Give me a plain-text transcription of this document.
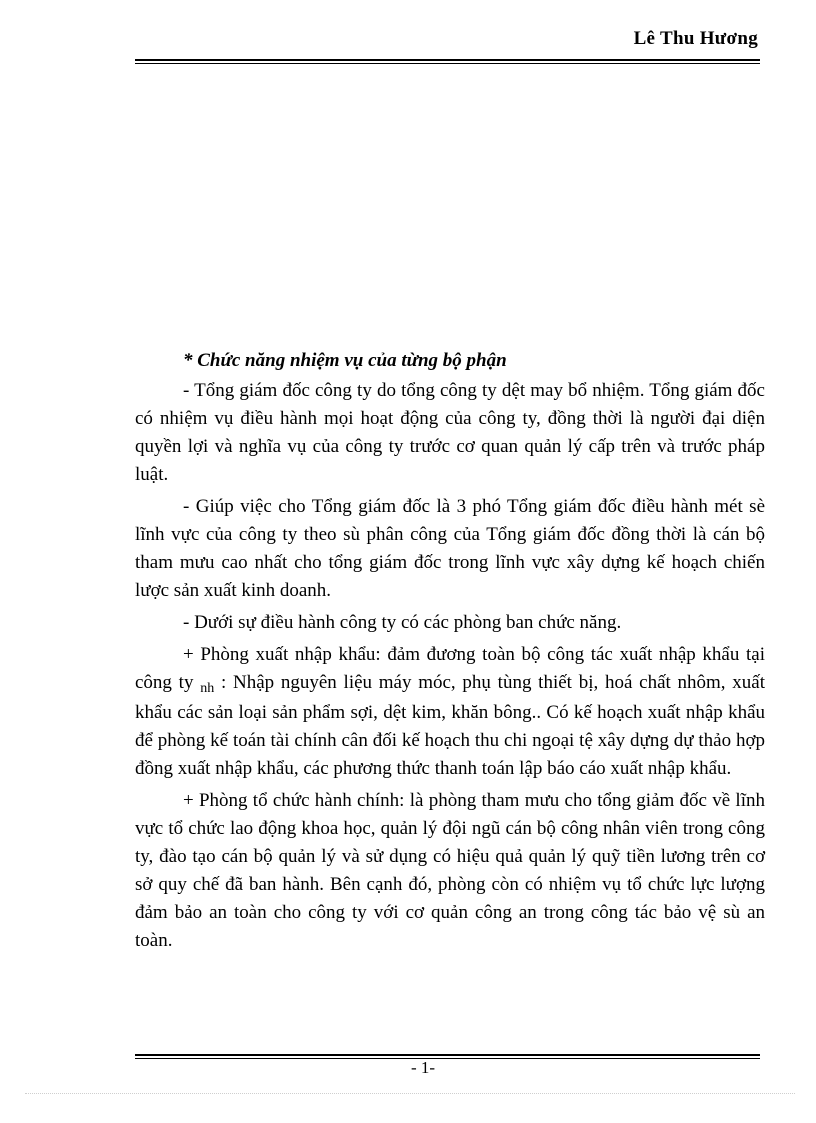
Lê Thu Hương
* Chức năng nhiệm vụ của từng bộ phận

- Tổng giám đốc công ty do tổng công ty dệt may bổ nhiệm. Tổng giám đốc có nhiệm vụ điều hành mọi hoạt động của công ty, đồng thời là người đại diện quyền lợi và nghĩa vụ của công ty trước cơ quan quản lý cấp trên và trước pháp luật.

- Giúp việc cho Tổng giám đốc là 3 phó Tổng giám đốc điều hành mét sè lĩnh vực của công ty theo sù phân công của Tổng giám đốc đồng thời là cán bộ tham mưu cao nhất cho tổng giám đốc trong lĩnh vực xây dựng kế hoạch chiến lược sản xuất kinh doanh.

- Dưới sự điều hành công ty có các phòng ban chức năng.

+ Phòng xuất nhập khẩu: đảm đương toàn bộ công tác xuất nhập khẩu tại công ty $_{nh}$ : Nhập nguyên liệu máy móc, phụ tùng thiết bị, hoá chất nhôm, xuất khẩu các sản loại sản phẩm sợi, dệt kim, khăn bông.. Có kế hoạch xuất nhập khẩu để phòng kế toán tài chính cân đối kế hoạch thu chi ngoại tệ xây dựng dự thảo hợp đồng xuất nhập khẩu, các phương thức thanh toán lập báo cáo xuất nhập khẩu.

+ Phòng tổ chức hành chính: là phòng tham mưu cho tổng giảm đốc về lĩnh vực tổ chức lao động khoa học, quản lý đội ngũ cán bộ công nhân viên trong công ty, đào tạo cán bộ quản lý và sử dụng có hiệu quả quản lý quỹ tiền lương trên cơ sở quy chế đã ban hành. Bên cạnh đó, phòng còn có nhiệm vụ tổ chức lực lượng đảm bảo an toàn cho công ty với cơ quản công an trong công tác bảo vệ sù an toàn.

- 1-
